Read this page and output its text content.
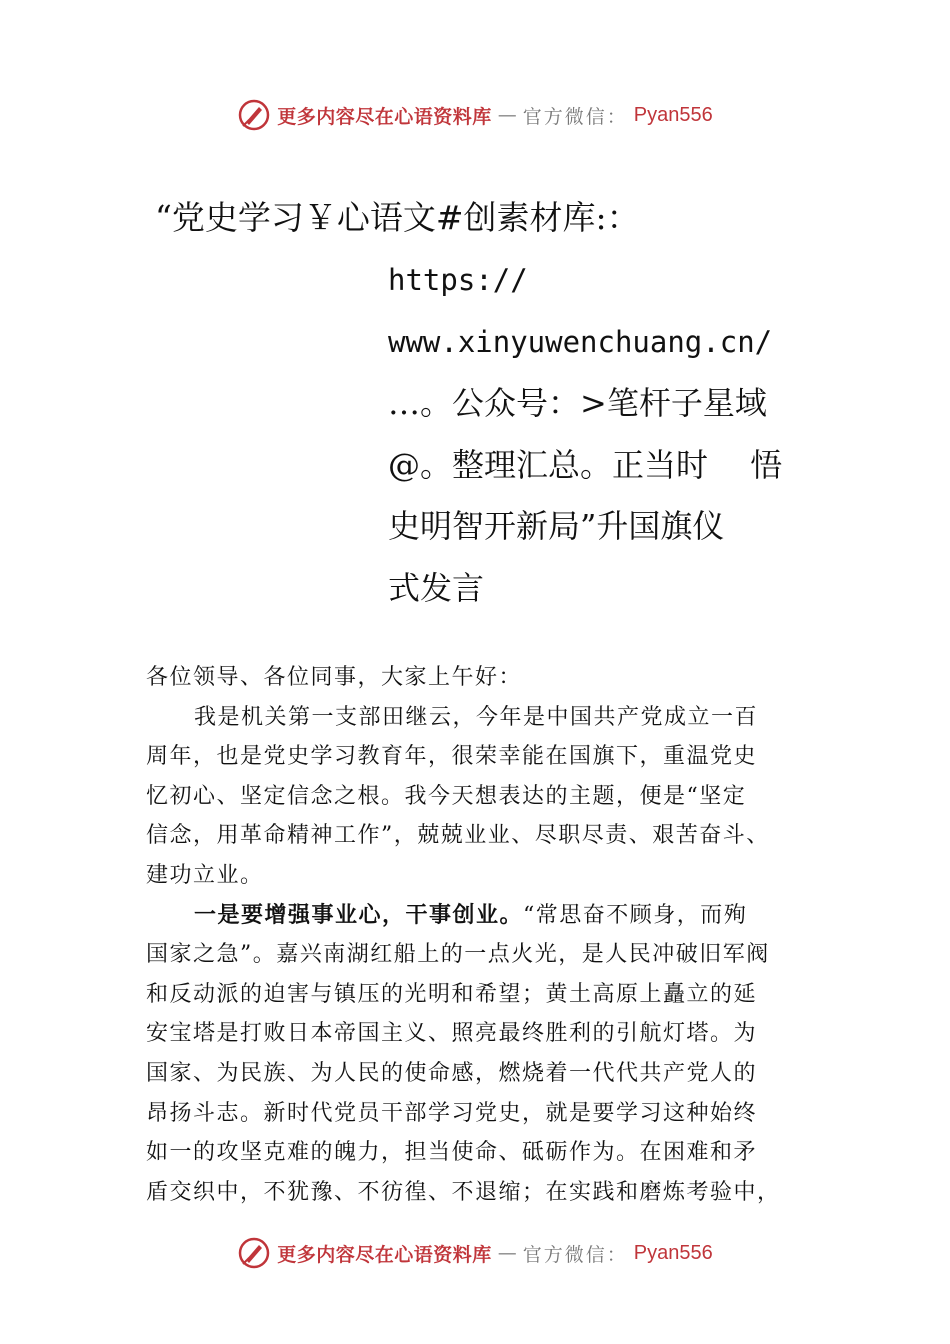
更多内容尽在心语资料库 — 官方微信： Pyan556
“党史学习￥心语文#创素材库:：
https://
www.xinyuwenchuang.cn/
…。公众号：>笔杆子星域
@。整理汇总。正当时　 悟
史明智开新局”升国旗仪
式发言
各位领导、各位同事，大家上午好：
我是机关第一支部田继云，今年是中国共产党成立一百
周年，也是党史学习教育年，很荣幸能在国旗下，重温党史
忆初心、坚定信念之根。我今天想表达的主题，便是“坚定
信念，用革命精神工作”，兢兢业业、尽职尽责、艰苦奋斗、
建功立业。
一是要增强事业心，干事创业。“常思奋不顾身，而殉
国家之急”。嘉兴南湖红船上的一点火光，是人民冲破旧军阀
和反动派的迫害与镇压的光明和希望；黄土高原上矗立的延
安宝塔是打败日本帝国主义、照亮最终胜利的引航灯塔。为
国家、为民族、为人民的使命感，燃烧着一代代共产党人的
昂扬斗志。新时代党员干部学习党史，就是要学习这种始终
如一的攻坚克难的魄力，担当使命、砥砺作为。在困难和矛
盾交织中，不犹豫、不彷徨、不退缩；在实践和磨炼考验中，
更多内容尽在心语资料库 — 官方微信： Pyan556
